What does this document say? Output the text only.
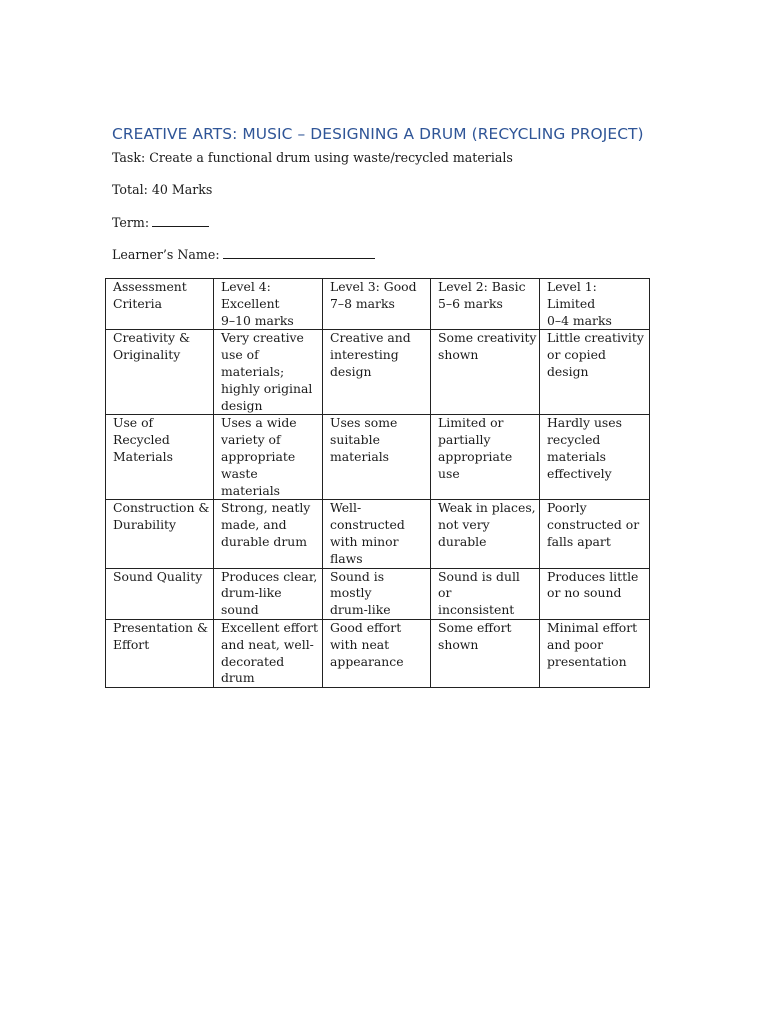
CREATIVE ARTS: MUSIC – DESIGNING A DRUM (RECYCLING PROJECT)

Task: Create a functional drum using waste/recycled materials

Total: 40 Marks

Term:

Learner’s Name:

Assessment
Criteria	Level 4:
Excellent
9–10 marks	Level 3: Good
7–8 marks	Level 2: Basic
5–6 marks	Level 1: Limited
0–4 marks

Creativity &
Originality	Very creative
use of
materials;
highly original
design	Creative and
interesting
design	Some creativity
shown	Little creativity
or copied
design

Use of Recycled
Materials	Uses a wide
variety of
appropriate
waste materials	Uses some
suitable
materials	Limited or
partially
appropriate use	Hardly uses
recycled
materials
effectively

Construction &
Durability	Strong, neatly
made, and
durable drum	Well-
constructed
with minor
flaws	Weak in places,
not very
durable	Poorly
constructed or
falls apart

Sound Quality	Produces clear,
drum-like
sound	Sound is mostly
drum-like	Sound is dull or
inconsistent	Produces little
or no sound

Presentation &
Effort	Excellent effort
and neat, well-
decorated drum	Good effort
with neat
appearance	Some effort
shown	Minimal effort
and poor
presentation
